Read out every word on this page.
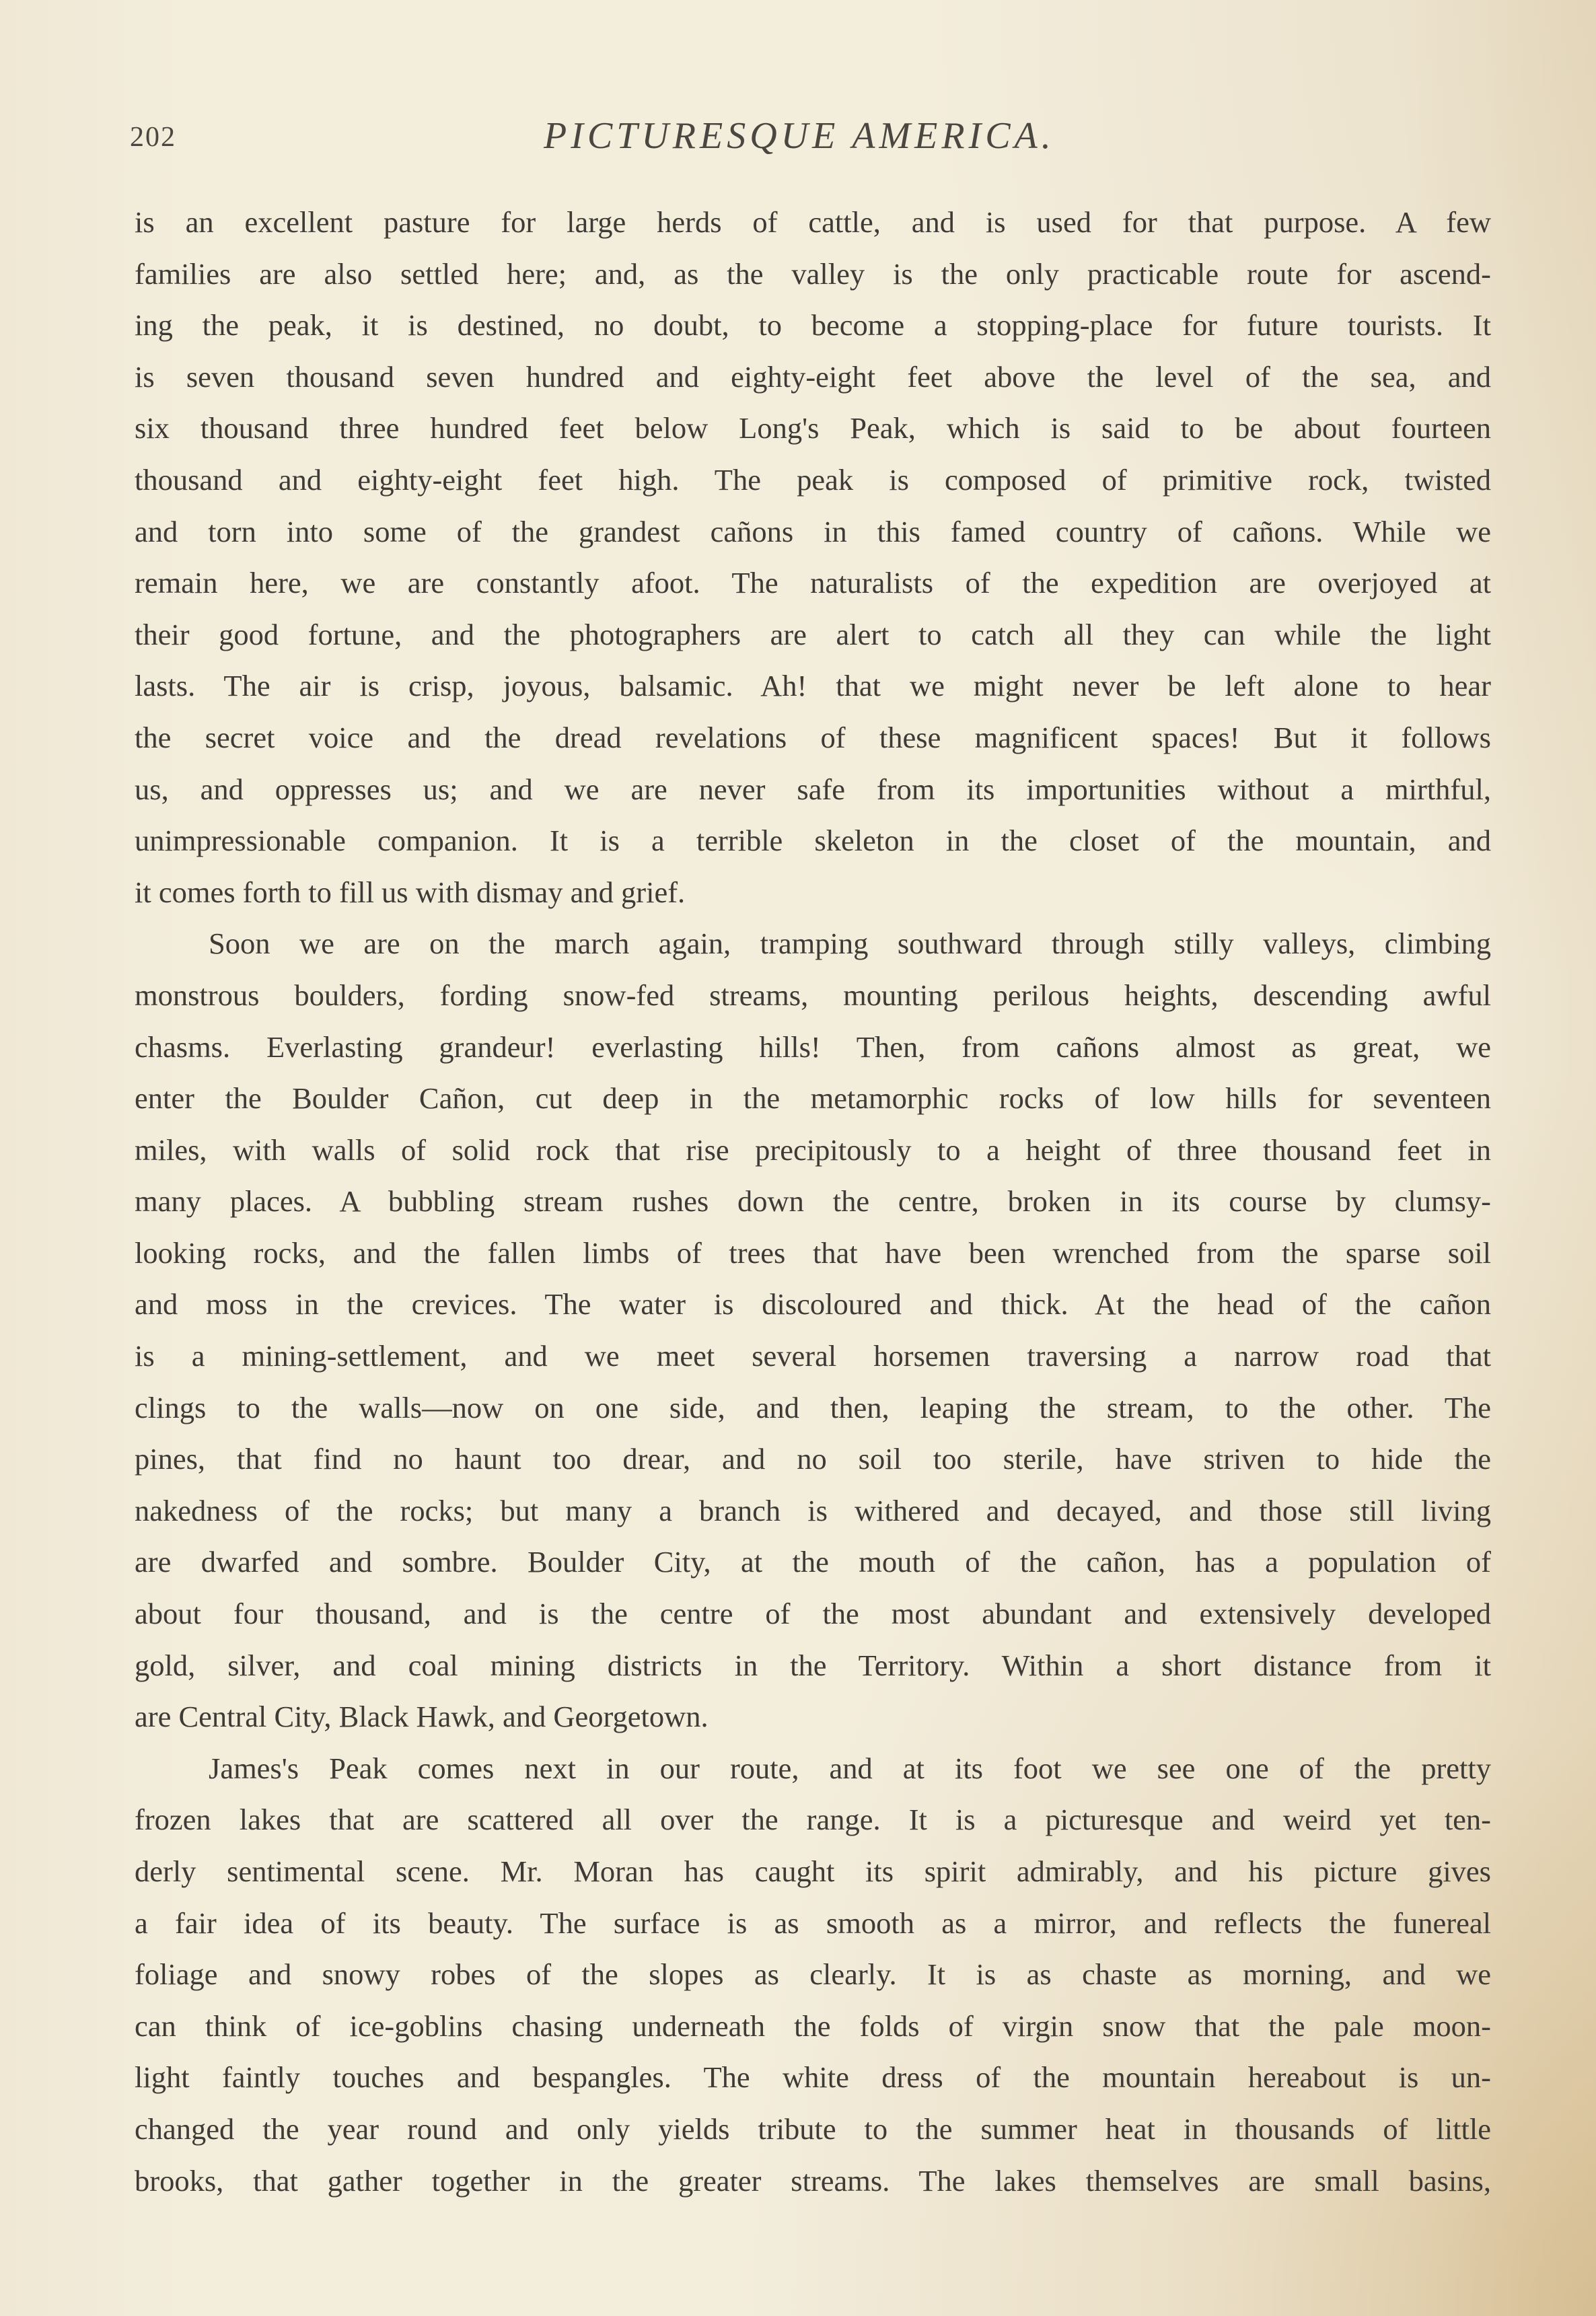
202	PICTURESQUE AMERICA.
is an excellent pasture for large herds of cattle, and is used for that purpose. A few
families are also settled here; and, as the valley is the only practicable route for ascend-
ing the peak, it is destined, no doubt, to become a stopping-place for future tourists. It
is seven thousand seven hundred and eighty-eight feet above the level of the sea, and
six thousand three hundred feet below Long's Peak, which is said to be about fourteen
thousand and eighty-eight feet high. The peak is composed of primitive rock, twisted
and torn into some of the grandest cañons in this famed country of cañons. While we
remain here, we are constantly afoot. The naturalists of the expedition are overjoyed at
their good fortune, and the photographers are alert to catch all they can while the light
lasts. The air is crisp, joyous, balsamic. Ah! that we might never be left alone to hear
the secret voice and the dread revelations of these magnificent spaces! But it follows
us, and oppresses us; and we are never safe from its importunities without a mirthful,
unimpressionable companion. It is a terrible skeleton in the closet of the mountain, and
it comes forth to fill us with dismay and grief.
Soon we are on the march again, tramping southward through stilly valleys, climbing
monstrous boulders, fording snow-fed streams, mounting perilous heights, descending awful
chasms. Everlasting grandeur! everlasting hills! Then, from cañons almost as great, we
enter the Boulder Cañon, cut deep in the metamorphic rocks of low hills for seventeen
miles, with walls of solid rock that rise precipitously to a height of three thousand feet in
many places. A bubbling stream rushes down the centre, broken in its course by clumsy-
looking rocks, and the fallen limbs of trees that have been wrenched from the sparse soil
and moss in the crevices. The water is discoloured and thick. At the head of the cañon
is a mining-settlement, and we meet several horsemen traversing a narrow road that
clings to the walls—now on one side, and then, leaping the stream, to the other. The
pines, that find no haunt too drear, and no soil too sterile, have striven to hide the
nakedness of the rocks; but many a branch is withered and decayed, and those still living
are dwarfed and sombre. Boulder City, at the mouth of the cañon, has a population of
about four thousand, and is the centre of the most abundant and extensively developed
gold, silver, and coal mining districts in the Territory. Within a short distance from it
are Central City, Black Hawk, and Georgetown.
James's Peak comes next in our route, and at its foot we see one of the pretty
frozen lakes that are scattered all over the range. It is a picturesque and weird yet ten-
derly sentimental scene. Mr. Moran has caught its spirit admirably, and his picture gives
a fair idea of its beauty. The surface is as smooth as a mirror, and reflects the funereal
foliage and snowy robes of the slopes as clearly. It is as chaste as morning, and we
can think of ice-goblins chasing underneath the folds of virgin snow that the pale moon-
light faintly touches and bespangles. The white dress of the mountain hereabout is un-
changed the year round and only yields tribute to the summer heat in thousands of little
brooks, that gather together in the greater streams. The lakes themselves are small basins,
